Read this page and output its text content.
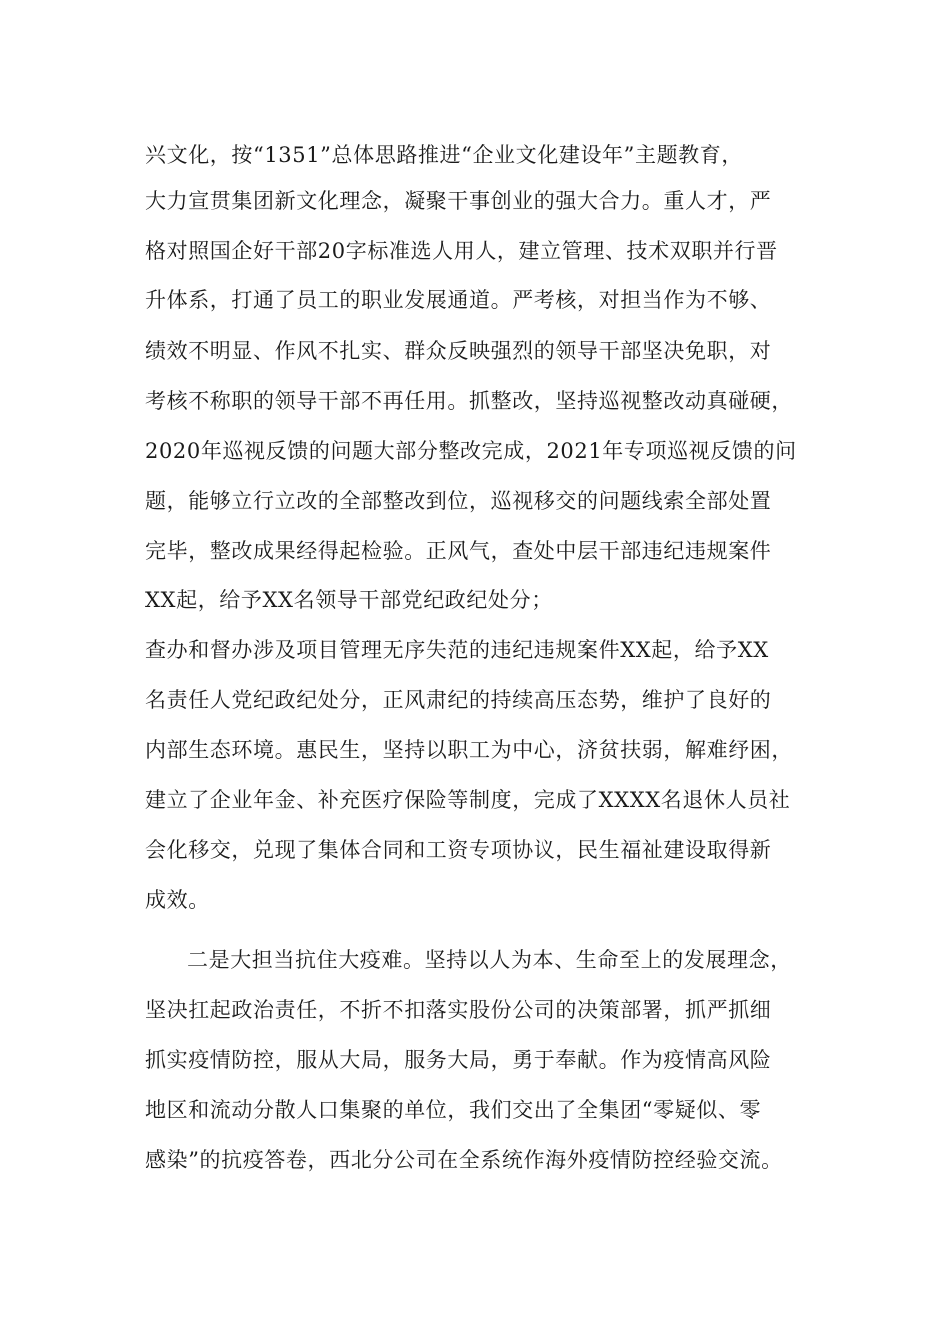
兴文化，按“1351”总体思路推进“企业文化建设年”主题教育，
大力宣贯集团新文化理念，凝聚干事创业的强大合力。重人才，严
格对照国企好干部20字标准选人用人，建立管理、技术双职并行晋
升体系，打通了员工的职业发展通道。严考核，对担当作为不够、
绩效不明显、作风不扎实、群众反映强烈的领导干部坚决免职，对
考核不称职的领导干部不再任用。抓整改，坚持巡视整改动真碰硬，
2020年巡视反馈的问题大部分整改完成，2021年专项巡视反馈的问
题，能够立行立改的全部整改到位，巡视移交的问题线索全部处置
完毕，整改成果经得起检验。正风气，查处中层干部违纪违规案件
XX起，给予XX名领导干部党纪政纪处分；
查办和督办涉及项目管理无序失范的违纪违规案件XX起，给予XX
名责任人党纪政纪处分，正风肃纪的持续高压态势，维护了良好的
内部生态环境。惠民生，坚持以职工为中心，济贫扶弱，解难纾困，
建立了企业年金、补充医疗保险等制度，完成了XXXX名退休人员社
会化移交，兑现了集体合同和工资专项协议，民生福祉建设取得新
成效。
二是大担当抗住大疫难。坚持以人为本、生命至上的发展理念，
坚决扛起政治责任，不折不扣落实股份公司的决策部署，抓严抓细
抓实疫情防控，服从大局，服务大局，勇于奉献。作为疫情高风险
地区和流动分散人口集聚的单位，我们交出了全集团“零疑似、零
感染”的抗疫答卷，西北分公司在全系统作海外疫情防控经验交流。
